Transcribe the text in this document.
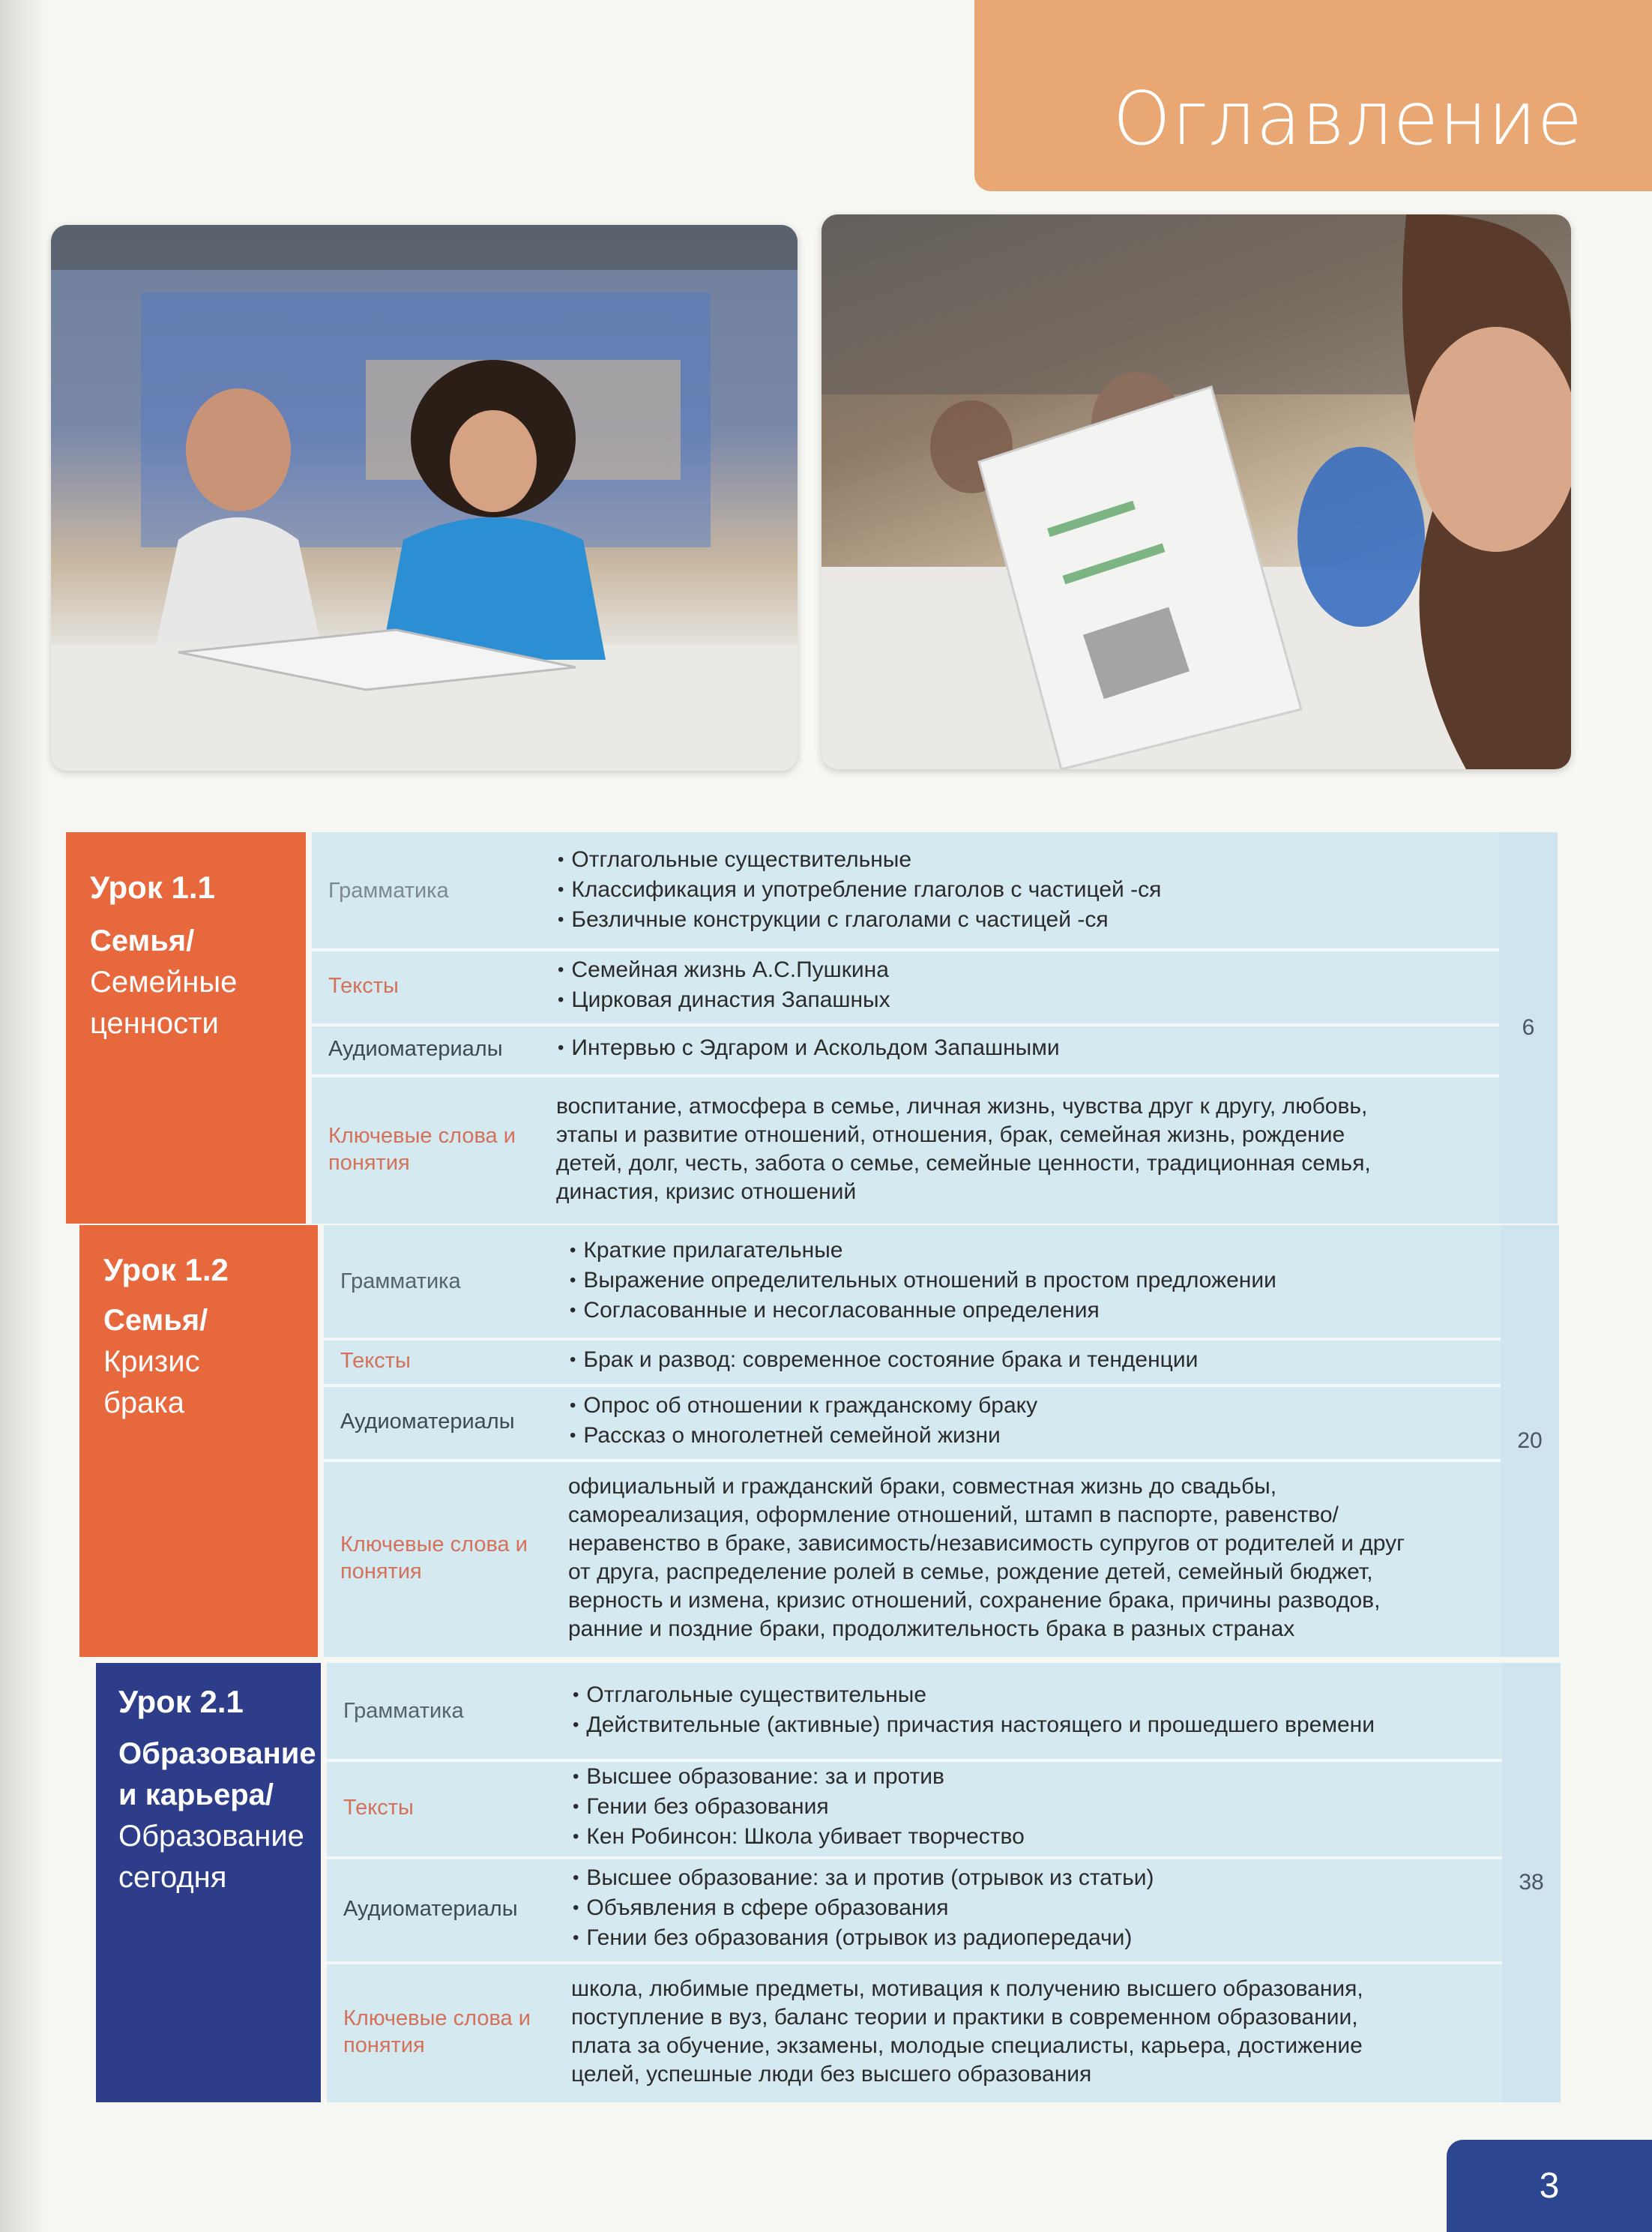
Оглавление
Урок 1.1
Семья/
Семейные
ценности
Грамматика
• Отглагольные существительные
• Классификация и употребление глаголов с частицей -ся
• Безличные конструкции с глаголами с частицей -ся
Тексты
• Семейная жизнь А.С.Пушкина
• Цирковая династия Запашных
Аудиоматериалы	• Интервью с Эдгаром и Аскольдом Запашными
Ключевые слова и понятия
воспитание, атмосфера в семье, личная жизнь, чувства друг к другу, любовь,
этапы и развитие отношений, отношения, брак, семейная жизнь, рождение
детей, долг, честь, забота о семье, семейные ценности, традиционная семья,
династия, кризис отношений
6
Урок 1.2
Семья/
Кризис
брака
Грамматика
• Краткие прилагательные
• Выражение определительных отношений в простом предложении
• Согласованные и несогласованные определения
Тексты	• Брак и развод: современное состояние брака и тенденции
Аудиоматериалы
• Опрос об отношении к гражданскому браку
• Рассказ о многолетней семейной жизни
Ключевые слова и понятия
официальный и гражданский браки, совместная жизнь до свадьбы,
самореализация, оформление отношений, штамп в паспорте, равенство/
неравенство в браке, зависимость/независимость супругов от родителей и друг
от друга, распределение ролей в семье, рождение детей, семейный бюджет,
верность и измена, кризис отношений, сохранение брака, причины разводов,
ранние и поздние браки, продолжительность брака в разных странах
20
Урок 2.1
Образование и карьера/
Образование
сегодня
Грамматика
• Отглагольные существительные
• Действительные (активные) причастия настоящего и прошедшего времени
Тексты
• Высшее образование: за и против
• Гении без образования
• Кен Робинсон: Школа убивает творчество
Аудиоматериалы
• Высшее образование: за и против (отрывок из статьи)
• Объявления в сфере образования
• Гении без образования (отрывок из радиопередачи)
Ключевые слова и понятия
школа, любимые предметы, мотивация к получению высшего образования,
поступление в вуз, баланс теории и практики в современном образовании,
плата за обучение, экзамены, молодые специалисты, карьера, достижение
целей, успешные люди без высшего образования
38
3
